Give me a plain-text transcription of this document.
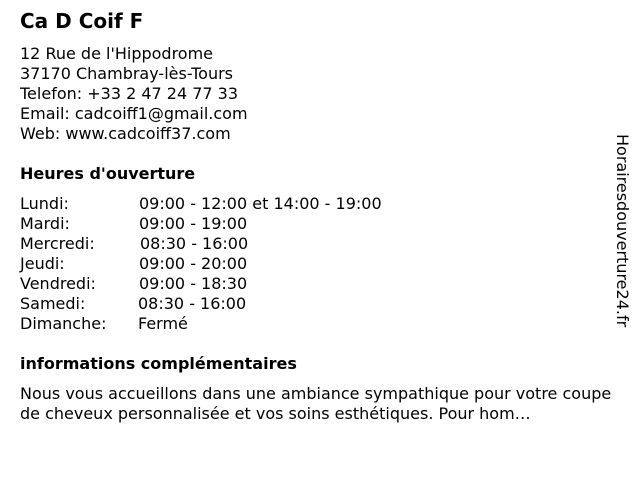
Ca D Coif F
12 Rue de l'Hippodrome
37170 Chambray-lès-Tours
Telefon: +33 2 47 24 77 33
Email: cadcoiff1@gmail.com
Web: www.cadcoiff37.com
Heures d'ouverture
Lundi:	09:00 - 12:00 et 14:00 - 19:00
Mardi:	09:00 - 19:00
Mercredi:	08:30 - 16:00
Jeudi:	09:00 - 20:00
Vendredi:	09:00 - 18:30
Samedi:	08:30 - 16:00
Dimanche: Fermé
informations complémentaires
Nous vous accueillons dans une ambiance sympathique pour votre coupe de cheveux personnalisée et vos soins esthétiques. Pour hom…
Horairesdouverture24.fr
